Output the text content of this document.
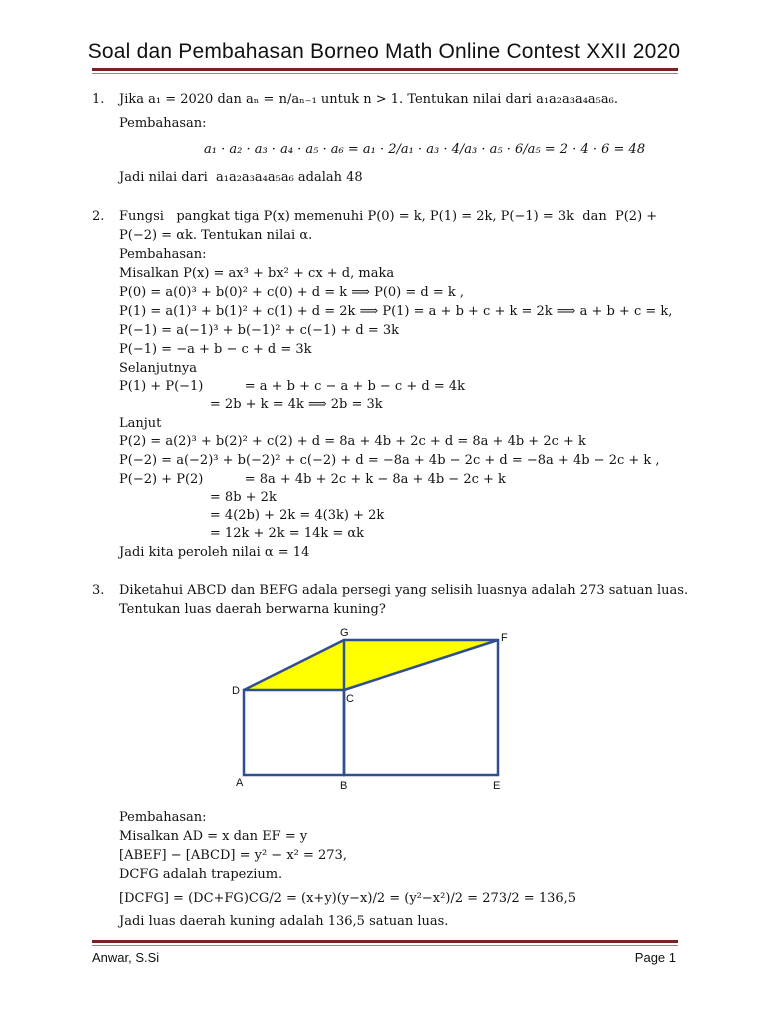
Soal dan Pembahasan Borneo Math Online Contest XXII 2020
1. Jika a₁ = 2020 dan aₙ = n/aₙ₋₁ untuk n > 1. Tentukan nilai dari a₁a₂a₃a₄a₅a₆.
Pembahasan:
a₁ · a₂ · a₃ · a₄ · a₅ · a₆ = a₁ · 2/a₁ · a₃ · 4/a₃ · a₅ · 6/a₅ = 2 · 4 · 6 = 48
Jadi nilai dari  a₁a₂a₃a₄a₅a₆ adalah 48
2. Fungsi   pangkat tiga P(x) memenuhi P(0) = k, P(1) = 2k, P(−1) = 3k  dan  P(2) +
P(−2) = αk. Tentukan nilai α.
Pembahasan:
Misalkan P(x) = ax³ + bx² + cx + d, maka
P(0) = a(0)³ + b(0)² + c(0) + d = k ⟹ P(0) = d = k ,
P(1) = a(1)³ + b(1)² + c(1) + d = 2k ⟹ P(1) = a + b + c + k = 2k ⟹ a + b + c = k,
P(−1) = a(−1)³ + b(−1)² + c(−1) + d = 3k
P(−1) = −a + b − c + d = 3k
Selanjutnya
P(1) + P(−1)          = a + b + c − a + b − c + d = 4k
= 2b + k = 4k ⟹ 2b = 3k
Lanjut
P(2) = a(2)³ + b(2)² + c(2) + d = 8a + 4b + 2c + d = 8a + 4b + 2c + k
P(−2) = a(−2)³ + b(−2)² + c(−2) + d = −8a + 4b − 2c + d = −8a + 4b − 2c + k ,
P(−2) + P(2)          = 8a + 4b + 2c + k − 8a + 4b − 2c + k
= 8b + 2k
= 4(2b) + 2k = 4(3k) + 2k
= 12k + 2k = 14k = αk
Jadi kita peroleh nilai α = 14
3. Diketahui ABCD dan BEFG adala persegi yang selisih luasnya adalah 273 satuan luas.
Tentukan luas daerah berwarna kuning?
G	F
D
C
A	B	E
Pembahasan:
Misalkan AD = x dan EF = y
[ABEF] − [ABCD] = y² − x² = 273,
DCFG adalah trapezium.
[DCFG] = (DC+FG)CG/2 = (x+y)(y−x)/2 = (y²−x²)/2 = 273/2 = 136,5
Jadi luas daerah kuning adalah 136,5 satuan luas.
Anwar, S.Si	Page 1
